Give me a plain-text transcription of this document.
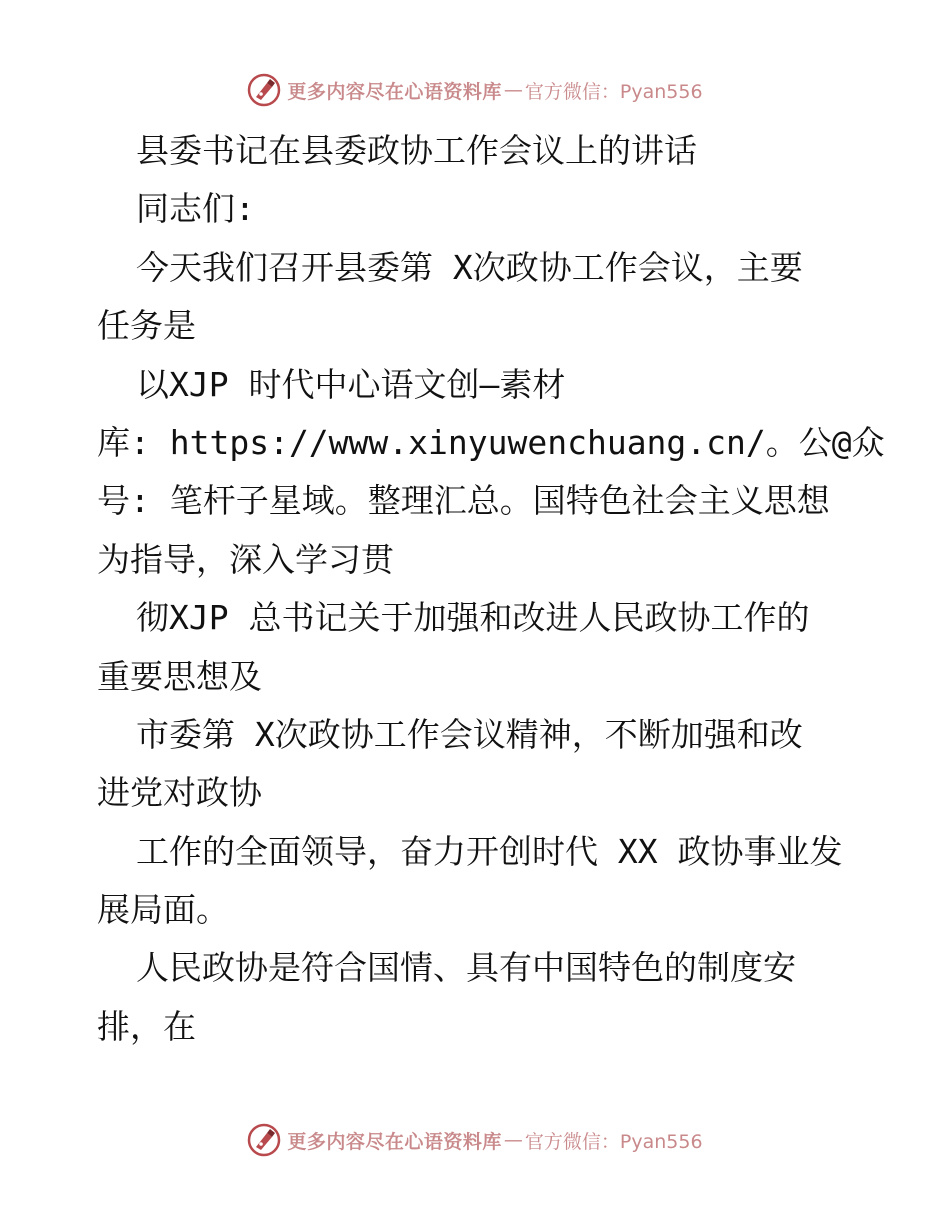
更多内容尽在心语资料库 — 官方微信：Pyan556
县委书记在县委政协工作会议上的讲话
同志们:
今天我们召开县委第 X次政协工作会议，主要
任务是
以XJP 时代中心语文创—素材
库: https://www.xinyuwenchuang.cn/。公@众
号: 笔杆子星域。整理汇总。国特色社会主义思想
为指导，深入学习贯
彻XJP 总书记关于加强和改进人民政协工作的
重要思想及
市委第 X次政协工作会议精神，不断加强和改
进党对政协
工作的全面领导，奋力开创时代 XX 政协事业发
展局面。
人民政协是符合国情、具有中国特色的制度安
排，在
更多内容尽在心语资料库 — 官方微信：Pyan556
